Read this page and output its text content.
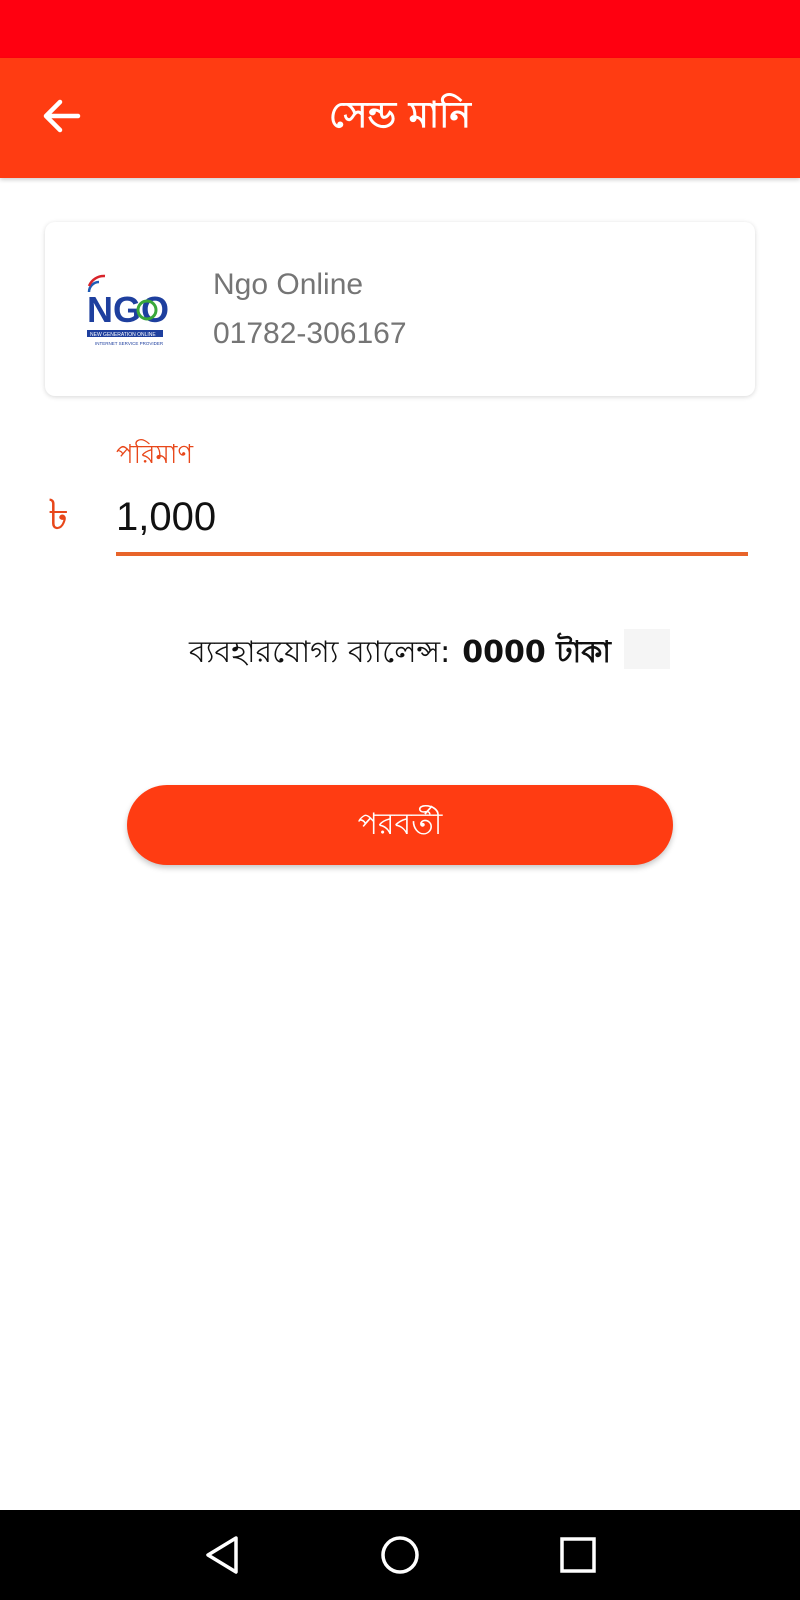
সেন্ড মানি
NGO
NEW GENERATION ONLINE
INTERNET SERVICE PROVIDER
Ngo Online
01782-306167
পরিমাণ
৳
1,000
ব্যবহারযোগ্য ব্যালেন্স: 0000 টাকা
পরবর্তী
